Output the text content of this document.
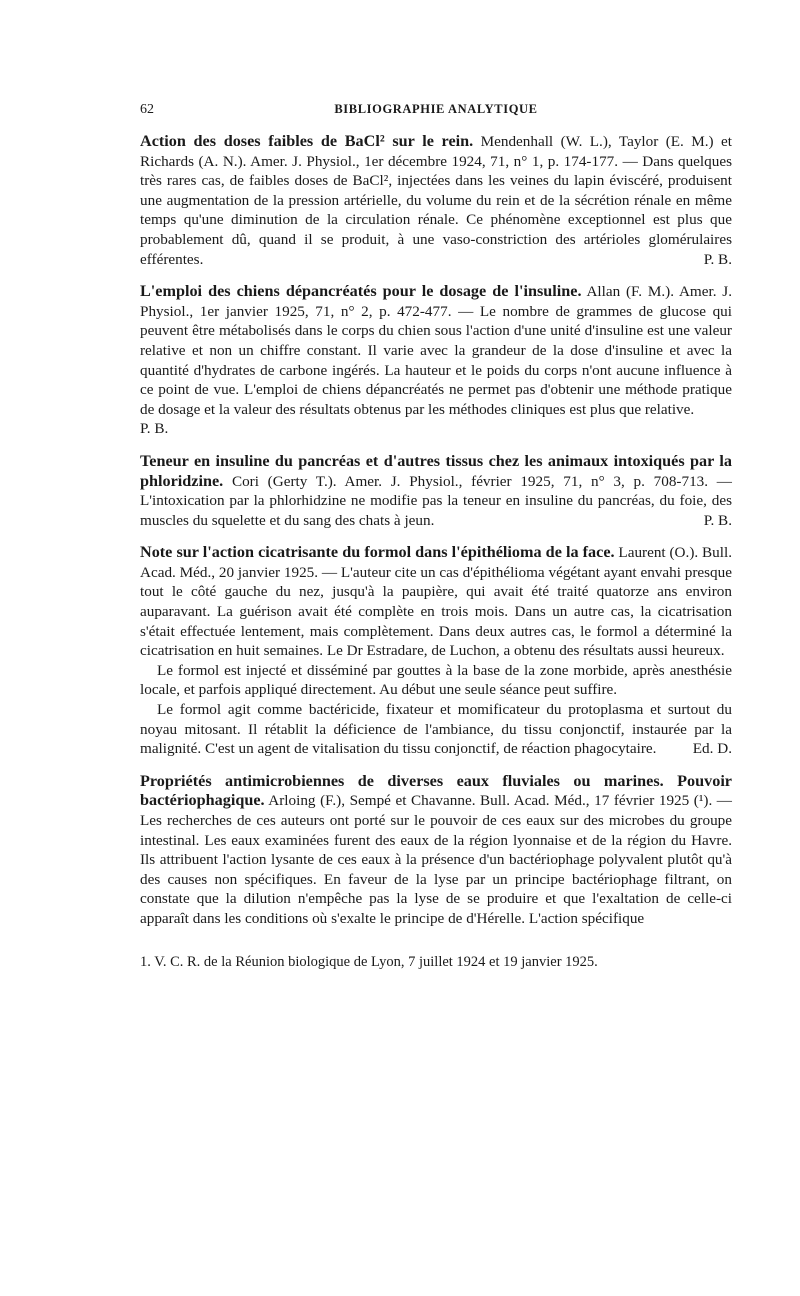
62	BIBLIOGRAPHIE ANALYTIQUE

Action des doses faibles de BaCl² sur le rein. Mendenhall (W. L.), Taylor (E. M.) et Richards (A. N.). Amer. J. Physiol., 1er décembre 1924, 71, n° 1, p. 174-177. — Dans quelques très rares cas, de faibles doses de BaCl², injectées dans les veines du lapin éviscéré, produisent une augmentation de la pression artérielle, du volume du rein et de la sécrétion rénale en même temps qu'une diminution de la circulation rénale. Ce phénomène exceptionnel est plus que probablement dû, quand il se produit, à une vaso-constriction des artérioles glomérulaires efférentes.	P. B.

L'emploi des chiens dépancréatés pour le dosage de l'insuline. Allan (F. M.). Amer. J. Physiol., 1er janvier 1925, 71, n° 2, p. 472-477. — Le nombre de grammes de glucose qui peuvent être métabolisés dans le corps du chien sous l'action d'une unité d'insuline est une valeur relative et non un chiffre constant. Il varie avec la grandeur de la dose d'insuline et avec la quantité d'hydrates de carbone ingérés. La hauteur et le poids du corps n'ont aucune influence à ce point de vue. L'emploi de chiens dépancréatés ne permet pas d'obtenir une méthode pratique de dosage et la valeur des résultats obtenus par les méthodes cliniques est plus que relative.

P. B.

Teneur en insuline du pancréas et d'autres tissus chez les animaux intoxiqués par la phloridzine. Cori (Gerty T.). Amer. J. Physiol., février 1925, 71, n° 3, p. 708-713. — L'intoxication par la phlorhidzine ne modifie pas la teneur en insuline du pancréas, du foie, des muscles du squelette et du sang des chats à jeun.	P. B.

Note sur l'action cicatrisante du formol dans l'épithélioma de la face. Laurent (O.). Bull. Acad. Méd., 20 janvier 1925. — L'auteur cite un cas d'épithélioma végétant ayant envahi presque tout le côté gauche du nez, jusqu'à la paupière, qui avait été traité quatorze ans environ auparavant. La guérison avait été complète en trois mois. Dans un autre cas, la cicatrisation s'était effectuée lentement, mais complètement. Dans deux autres cas, le formol a déterminé la cicatrisation en huit semaines. Le Dr Estradare, de Luchon, a obtenu des résultats aussi heureux.

Le formol est injecté et disséminé par gouttes à la base de la zone morbide, après anesthésie locale, et parfois appliqué directement. Au début une seule séance peut suffire.

Le formol agit comme bactéricide, fixateur et momificateur du protoplasma et surtout du noyau mitosant. Il rétablit la déficience de l'ambiance, du tissu conjonctif, instaurée par la malignité. C'est un agent de vitalisation du tissu conjonctif, de réaction phagocytaire.	Ed. D.

Propriétés antimicrobiennes de diverses eaux fluviales ou marines. Pouvoir bactériophagique. Arloing (F.), Sempé et Chavanne. Bull. Acad. Méd., 17 février 1925 (¹). — Les recherches de ces auteurs ont porté sur le pouvoir de ces eaux sur des microbes du groupe intestinal. Les eaux examinées furent des eaux de la région lyonnaise et de la région du Havre. Ils attribuent l'action lysante de ces eaux à la présence d'un bactériophage polyvalent plutôt qu'à des causes non spécifiques. En faveur de la lyse par un principe bactériophage filtrant, on constate que la dilution n'empêche pas la lyse de se produire et que l'exaltation de celle-ci apparaît dans les conditions où s'exalte le principe de d'Hérelle. L'action spécifique

1. V. C. R. de la Réunion biologique de Lyon, 7 juillet 1924 et 19 janvier 1925.
